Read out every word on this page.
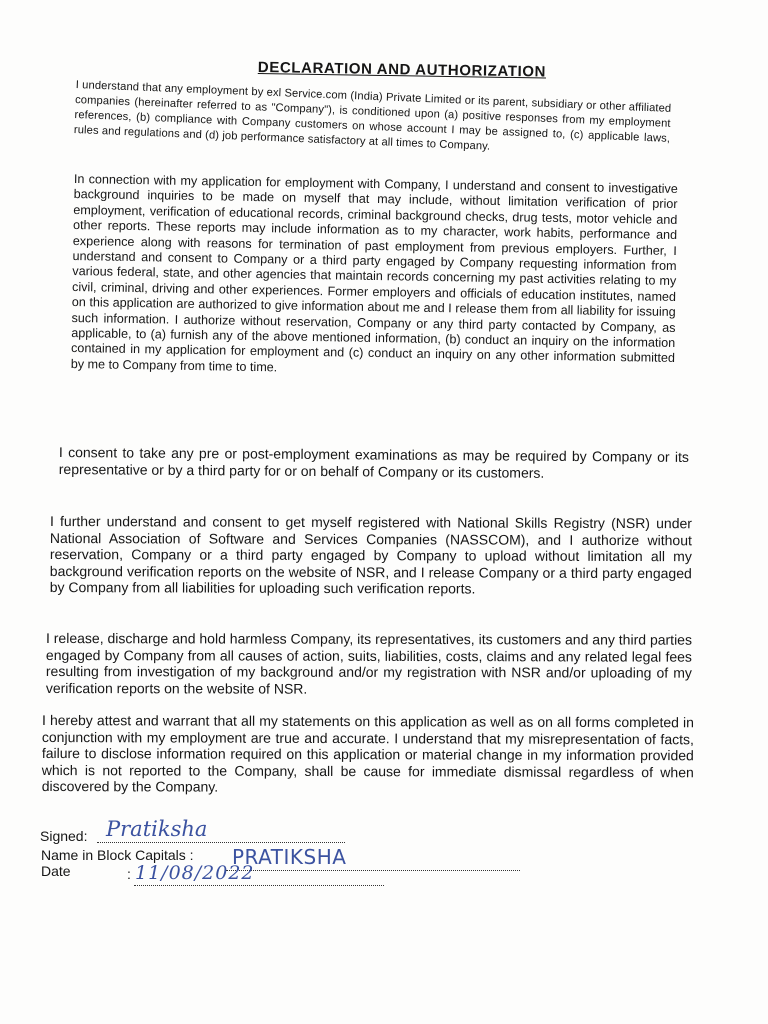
DECLARATION AND AUTHORIZATION

I understand that any employment by exl Service.com (India) Private Limited or its parent, subsidiary or other affiliated companies (hereinafter referred to as "Company"), is conditioned upon (a) positive responses from my employment references, (b) compliance with Company customers on whose account I may be assigned to, (c) applicable laws, rules and regulations and (d) job performance satisfactory at all times to Company.

In connection with my application for employment with Company, I understand and consent to investigative background inquiries to be made on myself that may include, without limitation verification of prior employment, verification of educational records, criminal background checks, drug tests, motor vehicle and other reports. These reports may include information as to my character, work habits, performance and experience along with reasons for termination of past employment from previous employers. Further, I understand and consent to Company or a third party engaged by Company requesting information from various federal, state, and other agencies that maintain records concerning my past activities relating to my civil, criminal, driving and other experiences. Former employers and officials of education institutes, named on this application are authorized to give information about me and I release them from all liability for issuing such information. I authorize without reservation, Company or any third party contacted by Company, as applicable, to (a) furnish any of the above mentioned information, (b) conduct an inquiry on the information contained in my application for employment and (c) conduct an inquiry on any other information submitted by me to Company from time to time.

I consent to take any pre or post-employment examinations as may be required by Company or its representative or by a third party for or on behalf of Company or its customers.

I further understand and consent to get myself registered with National Skills Registry (NSR) under National Association of Software and Services Companies (NASSCOM), and I authorize without reservation, Company or a third party engaged by Company to upload without limitation all my background verification reports on the website of NSR, and I release Company or a third party engaged by Company from all liabilities for uploading such verification reports.

I release, discharge and hold harmless Company, its representatives, its customers and any third parties engaged by Company from all causes of action, suits, liabilities, costs, claims and any related legal fees resulting from investigation of my background and/or my registration with NSR and/or uploading of my verification reports on the website of NSR.

I hereby attest and warrant that all my statements on this application as well as on all forms completed in conjunction with my employment are true and accurate. I understand that my misrepresentation of facts, failure to disclose information required on this application or material change in my information provided which is not reported to the Company, shall be cause for immediate dismissal regardless of when discovered by the Company.

Signed: Pratiksha
Name in Block Capitals : PRATIKSHA
Date	: 11/08/2022
